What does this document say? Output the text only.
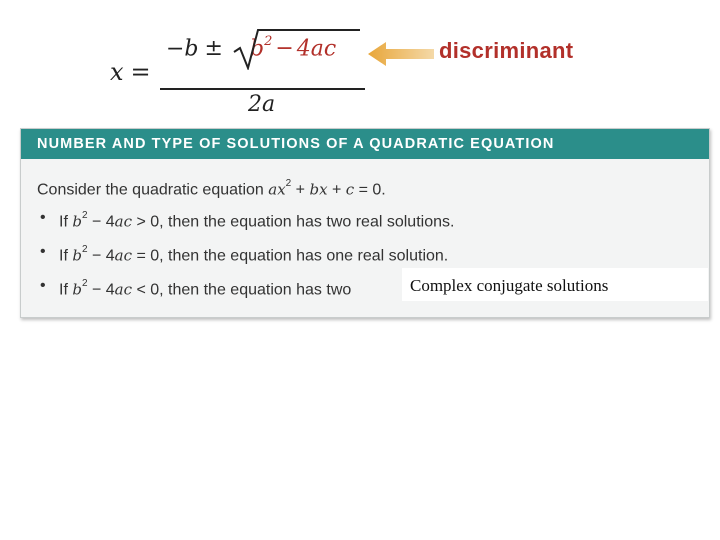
x =
$-b \pm b^2 - 4ac$
2a
discriminant
NUMBER AND TYPE OF SOLUTIONS OF A QUADRATIC EQUATION
Consider the quadratic equation $ax^2$ + bx + c = 0.
• If $b^2 - 4ac > 0$, then the equation has two real solutions.
• If $b^2 - 4ac = 0$, then the equation has one real solution.
• If $b^2 - 4ac < 0$, then the equation has two	Complex conjugate solutions
